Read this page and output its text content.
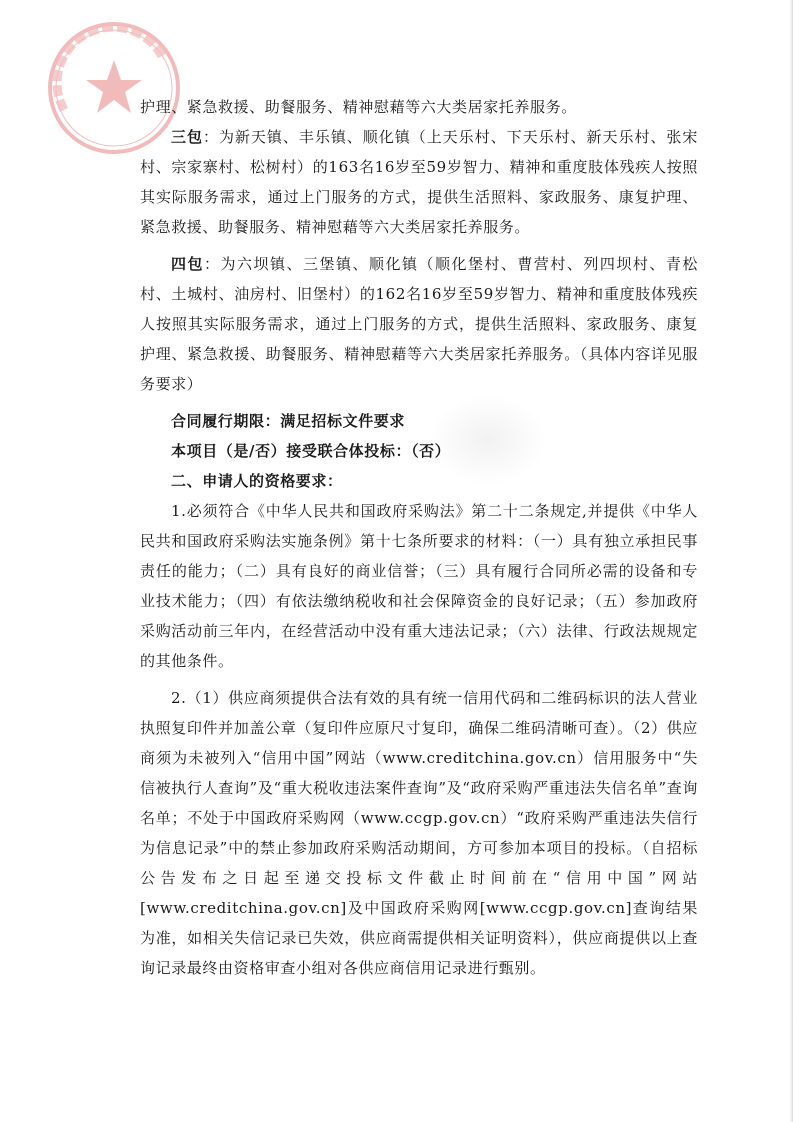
护理、紧急救援、助餐服务、精神慰藉等六大类居家托养服务。

三包：为新天镇、丰乐镇、顺化镇（上天乐村、下天乐村、新天乐村、张宋村、宗家寨村、松树村）的163名16岁至59岁智力、精神和重度肢体残疾人按照其实际服务需求，通过上门服务的方式，提供生活照料、家政服务、康复护理、紧急救援、助餐服务、精神慰藉等六大类居家托养服务。

四包：为六坝镇、三堡镇、顺化镇（顺化堡村、曹营村、列四坝村、青松村、土城村、油房村、旧堡村）的162名16岁至59岁智力、精神和重度肢体残疾人按照其实际服务需求，通过上门服务的方式，提供生活照料、家政服务、康复护理、紧急救援、助餐服务、精神慰藉等六大类居家托养服务。（具体内容详见服务要求）

合同履行期限：满足招标文件要求

本项目（是/否）接受联合体投标：（否）

二、申请人的资格要求：

1.必须符合《中华人民共和国政府采购法》第二十二条规定,并提供《中华人民共和国政府采购法实施条例》第十七条所要求的材料：（一）具有独立承担民事责任的能力；（二）具有良好的商业信誉；（三）具有履行合同所必需的设备和专业技术能力；（四）有依法缴纳税收和社会保障资金的良好记录；（五）参加政府采购活动前三年内，在经营活动中没有重大违法记录；（六）法律、行政法规规定的其他条件。

2.（1）供应商须提供合法有效的具有统一信用代码和二维码标识的法人营业执照复印件并加盖公章（复印件应原尺寸复印，确保二维码清晰可查）。（2）供应商须为未被列入“信用中国”网站（www.creditchina.gov.cn）信用服务中“失信被执行人查询”及“重大税收违法案件查询”及“政府采购严重违法失信名单”查询名单；不处于中国政府采购网（www.ccgp.gov.cn）“政府采购严重违法失信行为信息记录”中的禁止参加政府采购活动期间，方可参加本项目的投标。（自招标公告发布之日起至递交投标文件截止时间前在“信用中国”网站[www.creditchina.gov.cn]及中国政府采购网[www.ccgp.gov.cn]查询结果为准，如相关失信记录已失效，供应商需提供相关证明资料），供应商提供以上查询记录最终由资格审查小组对各供应商信用记录进行甄别。
